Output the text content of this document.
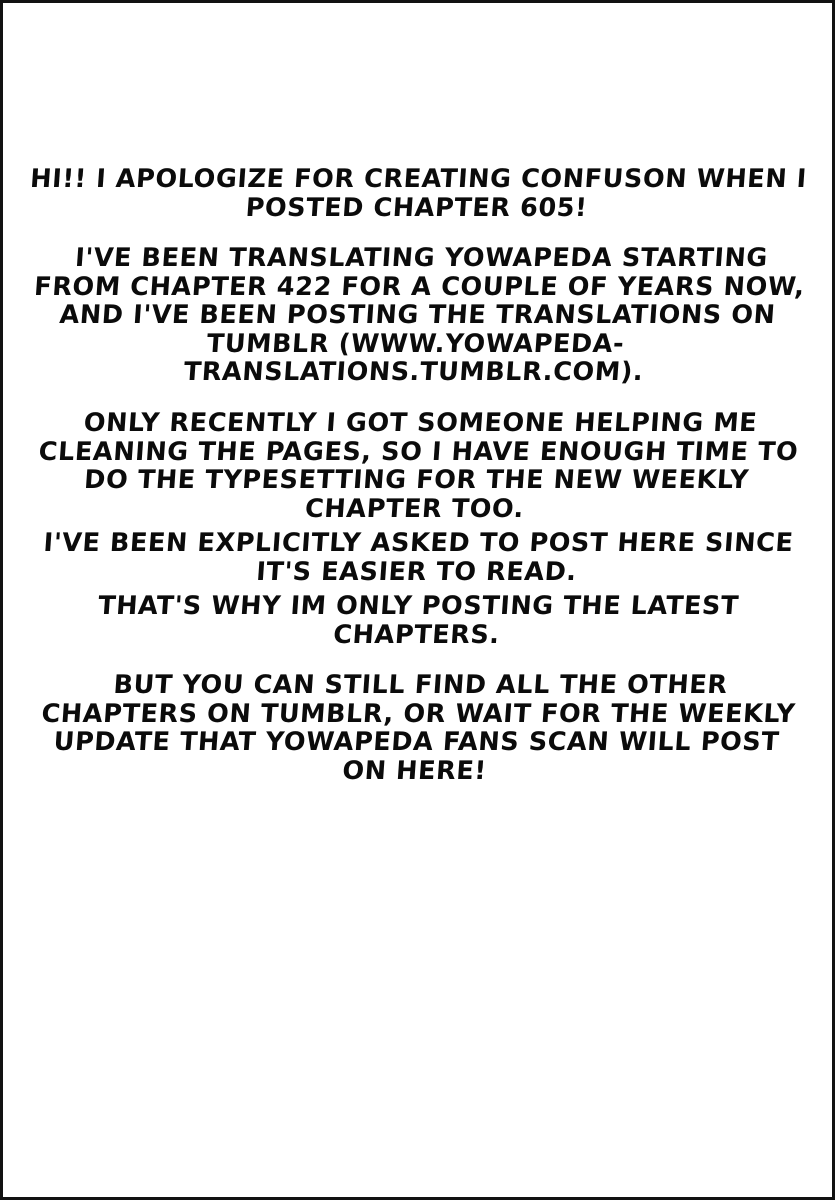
HI!! I APOLOGIZE FOR CREATING CONFUSON WHEN I POSTED CHAPTER 605!

I'VE BEEN TRANSLATING YOWAPEDA STARTING FROM CHAPTER 422 FOR A COUPLE OF YEARS NOW, AND I'VE BEEN POSTING THE TRANSLATIONS ON TUMBLR (WWW.YOWAPEDA-TRANSLATIONS.TUMBLR.COM).

ONLY RECENTLY I GOT SOMEONE HELPING ME CLEANING THE PAGES, SO I HAVE ENOUGH TIME TO DO THE TYPESETTING FOR THE NEW WEEKLY CHAPTER TOO.

I'VE BEEN EXPLICITLY ASKED TO POST HERE SINCE IT'S EASIER TO READ.

THAT'S WHY IM ONLY POSTING THE LATEST CHAPTERS.

BUT YOU CAN STILL FIND ALL THE OTHER CHAPTERS ON TUMBLR, OR WAIT FOR THE WEEKLY UPDATE THAT YOWAPEDA FANS SCAN WILL POST ON HERE!
